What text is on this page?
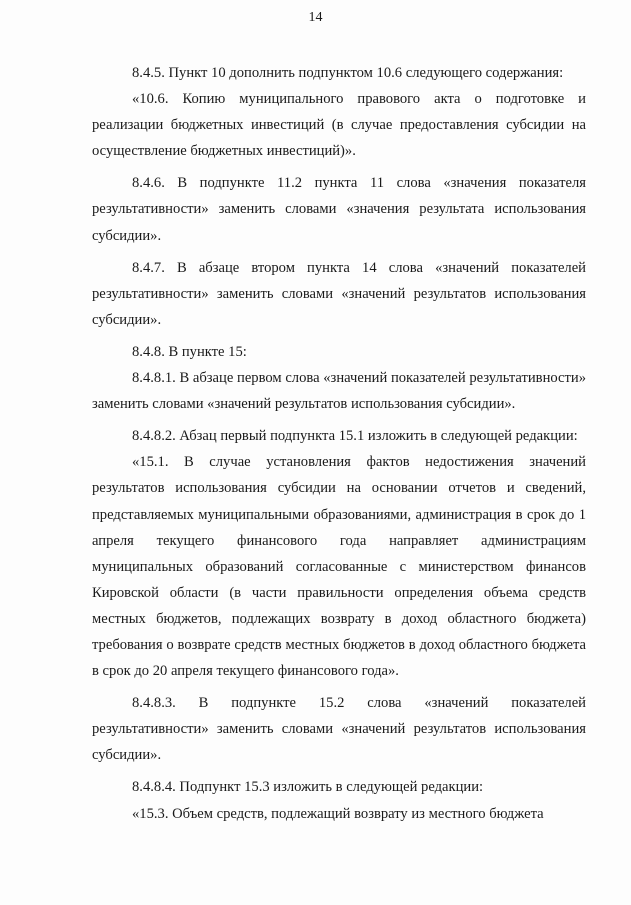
14

8.4.5. Пункт 10 дополнить подпунктом 10.6 следующего содержания:

«10.6. Копию муниципального правового акта о подготовке и реализации бюджетных инвестиций (в случае предоставления субсидии на осуществление бюджетных инвестиций)».

8.4.6. В подпункте 11.2 пункта 11 слова «значения показателя результативности» заменить словами «значения результата использования субсидии».

8.4.7. В абзаце втором пункта 14 слова «значений показателей результативности» заменить словами «значений результатов использования субсидии».

8.4.8. В пункте 15:

8.4.8.1. В абзаце первом слова «значений показателей результативности» заменить словами «значений результатов использования субсидии».

8.4.8.2. Абзац первый подпункта 15.1 изложить в следующей редакции:

«15.1. В случае установления фактов недостижения значений результатов использования субсидии на основании отчетов и сведений, представляемых муниципальными образованиями, администрация в срок до 1 апреля текущего финансового года направляет администрациям муниципальных образований согласованные с министерством финансов Кировской области (в части правильности определения объема средств местных бюджетов, подлежащих возврату в доход областного бюджета) требования о возврате средств местных бюджетов в доход областного бюджета в срок до 20 апреля текущего финансового года».

8.4.8.3. В подпункте 15.2 слова «значений показателей результативности» заменить словами «значений результатов использования субсидии».

8.4.8.4. Подпункт 15.3 изложить в следующей редакции:

«15.3. Объем средств, подлежащий возврату из местного бюджета
